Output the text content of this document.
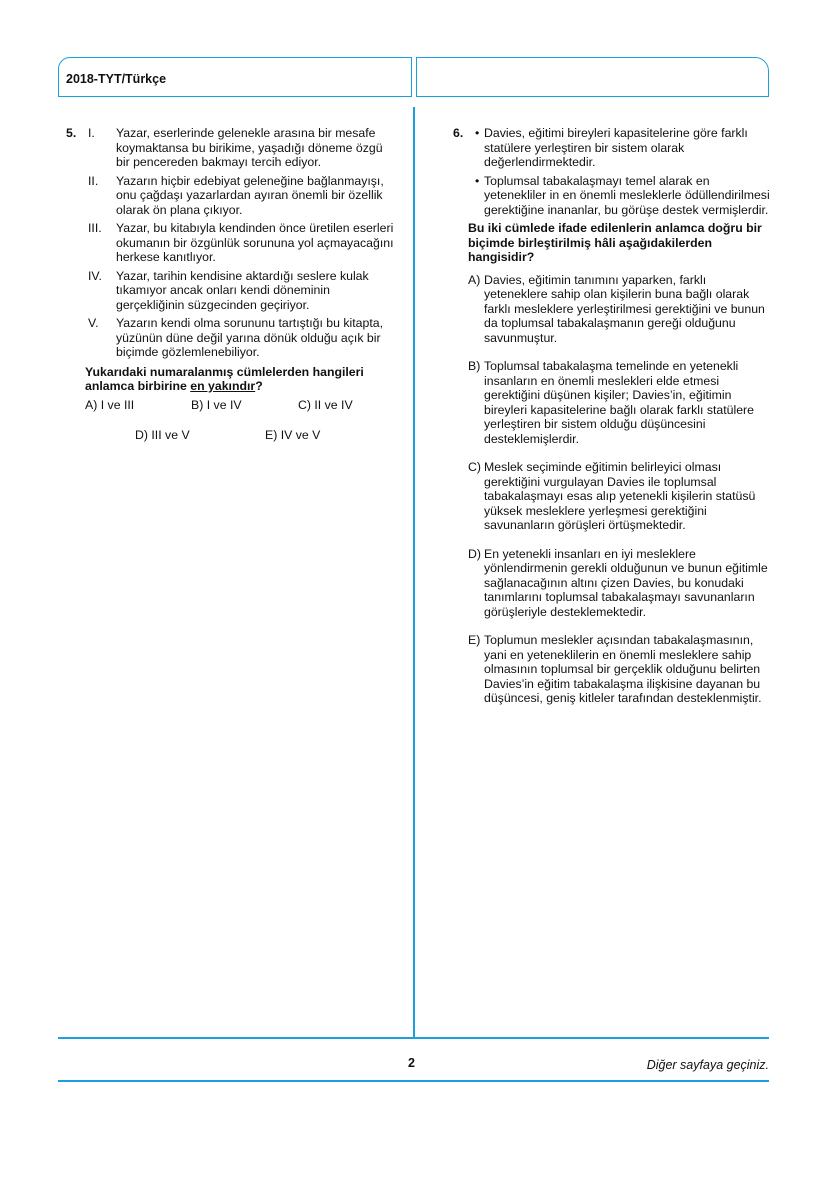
2018-TYT/Türkçe
5. I.	Yazar, eserlerinde gelenekle arasına bir mesafe koymaktansa bu birikime, yaşadığı döneme özgü bir pencereden bakmayı tercih ediyor.
II.	Yazarın hiçbir edebiyat geleneğine bağlanmayışı, onu çağdaşı yazarlardan ayıran önemli bir özellik olarak ön plana çıkıyor.
III.	Yazar, bu kitabıyla kendinden önce üretilen eserleri okumanın bir özgünlük sorununa yol açmayacağını herkese kanıtlıyor.
IV.	Yazar, tarihin kendisine aktardığı seslere kulak tıkamıyor ancak onları kendi döneminin gerçekliğinin süzgecinden geçiriyor.
V.	Yazarın kendi olma sorununu tartıştığı bu kitapta, yüzünün düne değil yarına dönük olduğu açık bir biçimde gözlemlenebiliyor.
Yukarıdaki numaralanmış cümlelerden hangileri anlamca birbirine en yakındır?
A) I ve III	B) I ve IV	C) II ve IV
D) III ve V	E) IV ve V
6. • Davies, eğitimi bireyleri kapasitelerine göre farklı statülere yerleştiren bir sistem olarak değerlendirmektedir.
• Toplumsal tabakalaşmayı temel alarak en yetenekliler in en önemli mesleklerle ödüllendirilmesi gerektiğine inananlar, bu görüşe destek vermişlerdir.
Bu iki cümlede ifade edilenlerin anlamca doğru bir biçimde birleştirilmiş hâli aşağıdakilerden hangisidir?
A) Davies, eğitimin tanımını yaparken, farklı yeteneklere sahip olan kişilerin buna bağlı olarak farklı mesleklere yerleştirilmesi gerektiğini ve bunun da toplumsal tabakalaşmanın gereği olduğunu savunmuştur.
B) Toplumsal tabakalaşma temelinde en yetenekli insanların en önemli meslekleri elde etmesi gerektiğini düşünen kişiler; Davies’in, eğitimin bireyleri kapasitelerine bağlı olarak farklı statülere yerleştiren bir sistem olduğu düşüncesini desteklemişlerdir.
C) Meslek seçiminde eğitimin belirleyici olması gerektiğini vurgulayan Davies ile toplumsal tabakalaşmayı esas alıp yetenekli kişilerin statüsü yüksek mesleklere yerleşmesi gerektiğini savunanların görüşleri örtüşmektedir.
D) En yetenekli insanları en iyi mesleklere yönlendirmenin gerekli olduğunun ve bunun eğitimle sağlanacağının altını çizen Davies, bu konudaki tanımlarını toplumsal tabakalaşmayı savunanların görüşleriyle desteklemektedir.
E) Toplumun meslekler açısından tabakalaşmasının, yani en yeteneklilerin en önemli mesleklere sahip olmasının toplumsal bir gerçeklik olduğunu belirten Davies’in eğitim tabakalaşma ilişkisine dayanan bu düşüncesi, geniş kitleler tarafından desteklenmiştir.
2	Diğer sayfaya geçiniz.
